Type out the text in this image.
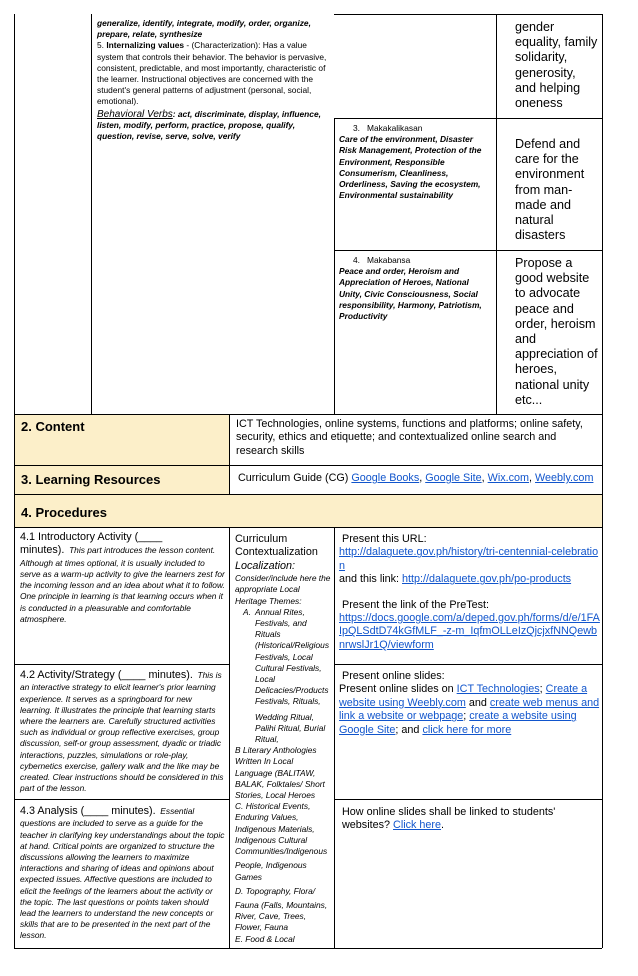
generalize, identify, integrate, modify, order, organize, prepare, relate, synthesize

5. Internalizing values - (Characterization): Has a value system that controls their behavior. The behavior is pervasive, consistent, predictable, and most importantly, characteristic of the learner. Instructional objectives are concerned with the student's general patterns of adjustment (personal, social, emotional).

Behavioral Verbs: act, discriminate, display, influence, listen, modify, perform, practice, propose, qualify, question, revise, serve, solve, verify

gender equality, family solidarity, generosity, and helping oneness

3. Makakalikasan

Care of the environment, Disaster Risk Management, Protection of the Environment, Responsible Consumerism, Cleanliness, Orderliness, Saving the ecosystem, Environmental sustainability

Defend and care for the environment from man-made and natural disasters

4. Makabansa

Peace and order, Heroism and Appreciation of Heroes, National Unity, Civic Consciousness, Social responsibility, Harmony, Patriotism, Productivity

Propose a good website to advocate peace and order, heroism and appreciation of heroes, national unity etc...
2. Content	ICT Technologies, online systems, functions and platforms; online safety, security, ethics and etiquette; and contextualized online search and research skills
3. Learning Resources	Curriculum Guide (CG) Google Books, Google Site, Wix.com, Weebly.com
4. Procedures
4.1 Introductory Activity (____ minutes). This part introduces the lesson content. Although at times optional, it is usually included to serve as a warm-up activity to give the learners zest for the incoming lesson and an idea about what it to follow. One principle in learning is that learning occurs when it is conducted in a pleasurable and comfortable atmosphere.
4.2 Activity/Strategy (____ minutes). This is an interactive strategy to elicit learner's prior learning experience. It serves as a springboard for new learning. It illustrates the principle that learning starts where the learners are. Carefully structured activities such as individual or group reflective exercises, group discussion, self-or group assessment, dyadic or triadic interactions, puzzles, simulations or role-play, cybernetics exercise, gallery walk and the like may be created. Clear instructions should be considered in this part of the lesson.
4.3 Analysis (____ minutes). Essential questions are included to serve as a guide for the teacher in clarifying key understandings about the topic at hand. Critical points are organized to structure the discussions allowing the learners to maximize interactions and sharing of ideas and opinions about expected issues. Affective questions are included to elicit the feelings of the learners about the activity or the topic. The last questions or points taken should lead the learners to understand the new concepts or skills that are to be presented in the next part of the lesson.

Curriculum Contextualization

Localization:

Consider/include here the appropriate Local Heritage Themes:

A. Annual Rites, Festivals, and Rituals (Historical/Religious Festivals, Local Cultural Festivals, Local Delicacies/Products Festivals, Rituals,

Wedding Ritual, Palihi Ritual, Burial Ritual,

B Literary Anthologies Written In Local Language (BALITAW, BALAK, Folktales/ Short Stories, Local Heroes

C. Historical Events, Enduring Values, Indigenous Materials, Indigenous Cultural Communities/Indigenous

People, Indigenous Games

D. Topography, Flora/

Fauna (Falls, Mountains, River, Cave, Trees, Flower, Fauna

E. Food & Local

Present this URL:

http://dalaguete.gov.ph/history/tri-centennial-celebration

and this link: http://dalaguete.gov.ph/po-products

Present the link of the PreTest:

https://docs.google.com/a/deped.gov.ph/forms/d/e/1FAIpQLSdtD74kGfMLF_-z-m_IqfmOLLeIzQjcjxfNNQewbnrwslJr1Q/viewform

Present online slides:

Present online slides on ICT Technologies; Create a website using Weebly.com and create web menus and link a website or webpage; create a website using Google Site; and click here for more

How online slides shall be linked to students' websites? Click here.
